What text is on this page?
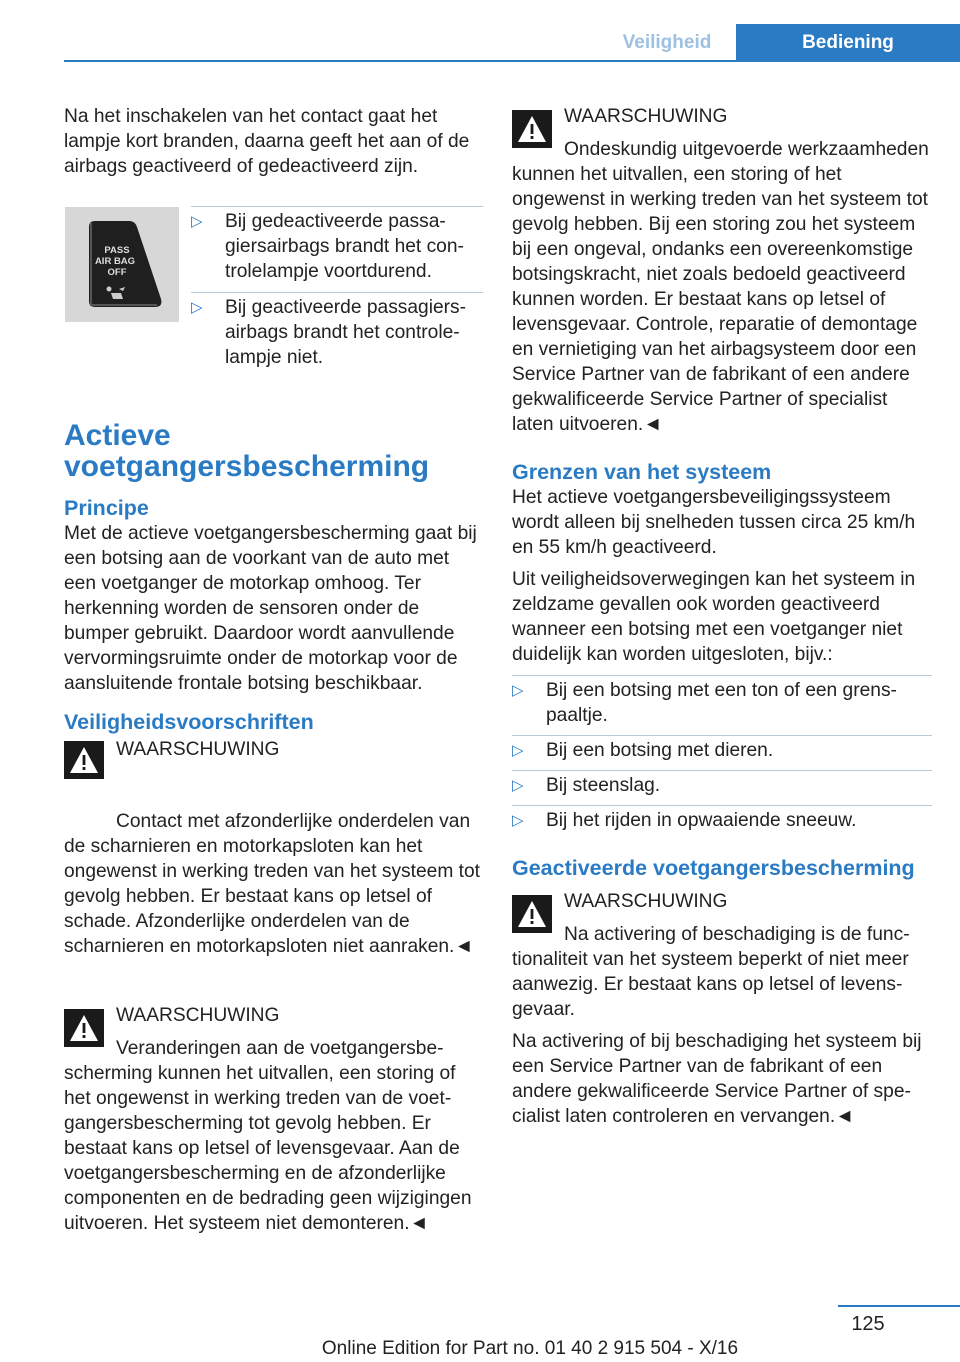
Veiligheid	Bediening

Na het inschakelen van het contact gaat het lampje kort branden, daarna geeft het aan of de airbags geactiveerd of gedeactiveerd zijn.

PASS
AIR BAG
OFF
▷ Bij gedeactiveerde passagiersairbags brandt het controlelampje voortdurend.
▷ Bij geactiveerde passagiersairbags brandt het controlelampje niet.
Actieve voetgangersbescherming
Principe

Met de actieve voetgangersbescherming gaat bij een botsing aan de voorkant van de auto met een voetganger de motorkap omhoog. Ter herkenning worden de sensoren onder de bumper gebruikt. Daardoor wordt aanvullende vervormingsruimte onder de motorkap voor de aansluitende frontale botsing beschikbaar.

Veiligheidsvoorschriften

WAARSCHUWING

Contact met afzonderlijke onderdelen van de scharnieren en motorkapsloten kan het ongewenst in werking treden van het systeem tot gevolg hebben. Er bestaat kans op letsel of schade. Afzonderlijke onderdelen van de scharnieren en motorkapsloten niet aanraken.◄

WAARSCHUWING

Veranderingen aan de voetgangersbescherming kunnen het uitvallen, een storing of het ongewenst in werking treden van de voetgangersbescherming tot gevolg hebben. Er bestaat kans op letsel of levensgevaar. Aan de voetgangersbescherming en de afzonderlijke componenten en de bedrading geen wijzigingen uitvoeren. Het systeem niet demonteren.◄

WAARSCHUWING

Ondeskundig uitgevoerde werkzaamheden kunnen het uitvallen, een storing of het ongewenst in werking treden van het systeem tot gevolg hebben. Bij een storing zou het systeem bij een ongeval, ondanks een overeenkomstige botsingskracht, niet zoals bedoeld geactiveerd kunnen worden. Er bestaat kans op letsel of levensgevaar. Controle, reparatie of demontage en vernietiging van het airbagsysteem door een Service Partner van de fabrikant of een andere gekwalificeerde Service Partner of specialist laten uitvoeren.◄

Grenzen van het systeem

Het actieve voetgangersbeveiligingssysteem wordt alleen bij snelheden tussen circa 25 km/h en 55 km/h geactiveerd.

Uit veiligheidsoverwegingen kan het systeem in zeldzame gevallen ook worden geactiveerd wanneer een botsing met een voetganger niet duidelijk kan worden uitgesloten, bijv.:

▷ Bij een botsing met een ton of een grenspaaltje.
▷ Bij een botsing met dieren.
▷ Bij steenslag.
▷ Bij het rijden in opwaaiende sneeuw.
Geactiveerde voetgangersbescherming

WAARSCHUWING

Na activering of beschadiging is de functionaliteit van het systeem beperkt of niet meer aanwezig. Er bestaat kans op letsel of levensgevaar.

Na activering of bij beschadiging het systeem bij een Service Partner van de fabrikant of een andere gekwalificeerde Service Partner of specialist laten controleren en vervangen.◄

125
Online Edition for Part no. 01 40 2 915 504 - X/16
